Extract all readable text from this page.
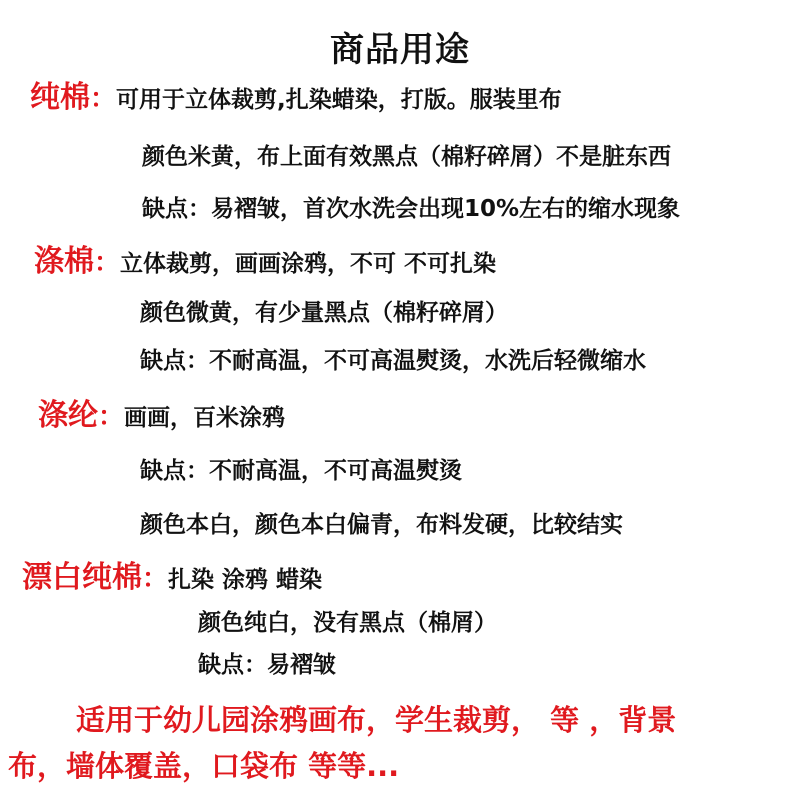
商品用途
纯棉：可用于立体裁剪,扎染蜡染，打版。服装里布
颜色米黄，布上面有效黑点（棉籽碎屑）不是脏东西
缺点：易褶皱，首次水洗会出现10%左右的缩水现象
涤棉：立体裁剪，画画涂鸦，不可 不可扎染
颜色微黄，有少量黑点（棉籽碎屑）
缺点：不耐高温，不可高温熨烫，水洗后轻微缩水
涤纶：画画，百米涂鸦
缺点：不耐高温，不可高温熨烫
颜色本白，颜色本白偏青，布料发硬，比较结实
漂白纯棉：扎染 涂鸦 蜡染
颜色纯白，没有黑点（棉屑）
缺点：易褶皱
适用于幼儿园涂鸦画布，学生裁剪， 等 ，背景
布，墙体覆盖，口袋布 等等...
